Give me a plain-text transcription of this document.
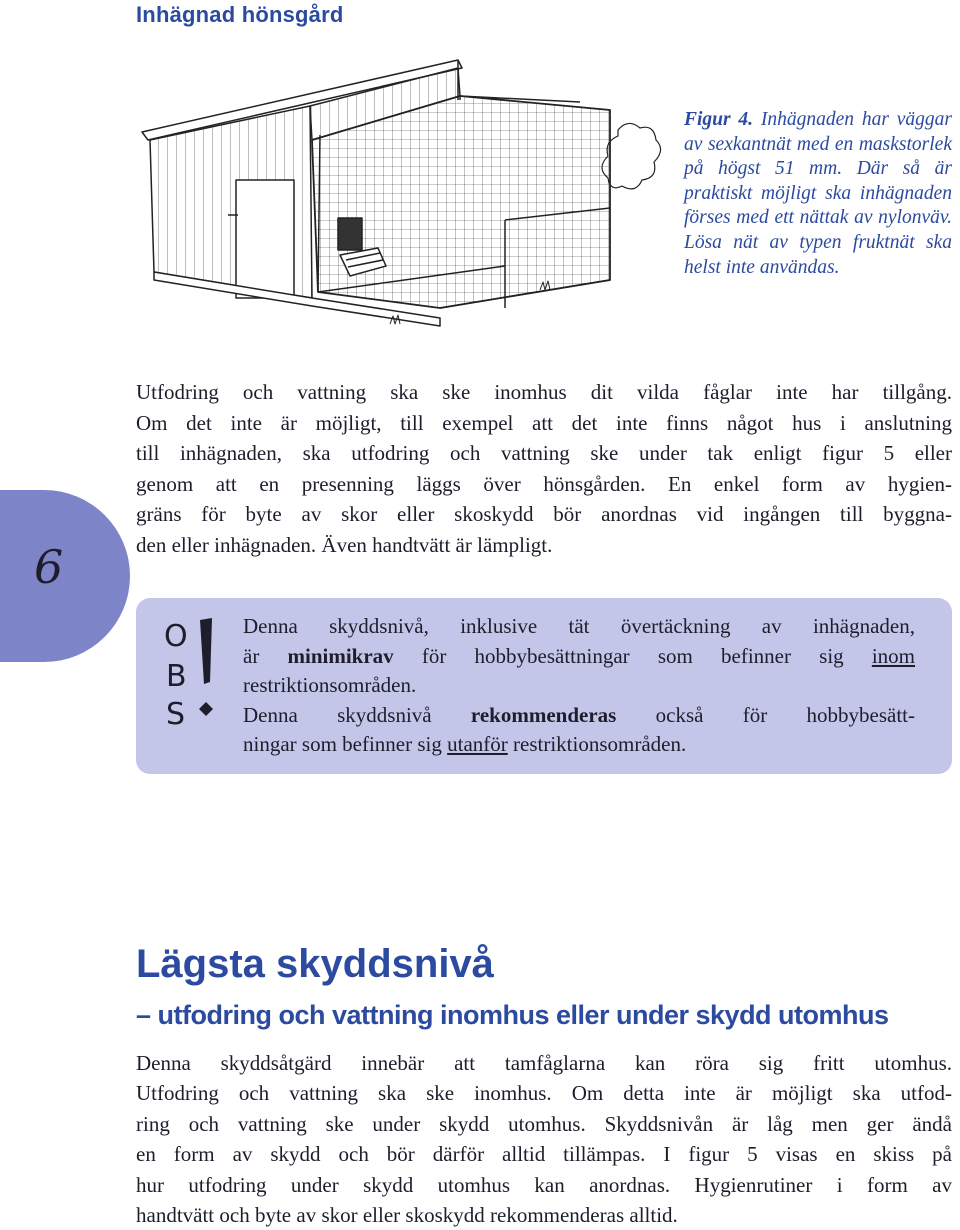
Inhägnad hönsgård
Figur 4. Inhägnaden har väggar av sexkantnät med en maskstorlek på högst 51 mm. Där så är praktiskt möjligt ska inhägnaden förses med ett nättak av nylonväv. Lösa nät av typen fruktnät ska helst inte användas.
Utfodring och vattning ska ske inomhus dit vilda fåglar inte har tillgång.
Om det inte är möjligt, till exempel att det inte finns något hus i anslutning
till inhägnaden, ska utfodring och vattning ske under tak enligt figur 5 eller
genom att en presenning läggs över hönsgården. En enkel form av hygien-
gräns för byte av skor eller skoskydd bör anordnas vid ingången till byggna-
den eller inhägnaden. Även handtvätt är lämpligt.
6
O
B
S
Denna skyddsnivå, inklusive tät övertäckning av inhägnaden,
är minimikrav för hobbybesättningar som befinner sig inom
restriktionsområden.
Denna skyddsnivå rekommenderas också för hobbybesätt-
ningar som befinner sig utanför restriktionsområden.
Lägsta skyddsnivå
– utfodring och vattning inomhus eller under skydd utomhus
Denna skyddsåtgärd innebär att tamfåglarna kan röra sig fritt utomhus.
Utfodring och vattning ska ske inomhus. Om detta inte är möjligt ska utfod-
ring och vattning ske under skydd utomhus. Skyddsnivån är låg men ger ändå
en form av skydd och bör därför alltid tillämpas. I figur 5 visas en skiss på
hur utfodring under skydd utomhus kan anordnas. Hygienrutiner i form av
handtvätt och byte av skor eller skoskydd rekommenderas alltid.
